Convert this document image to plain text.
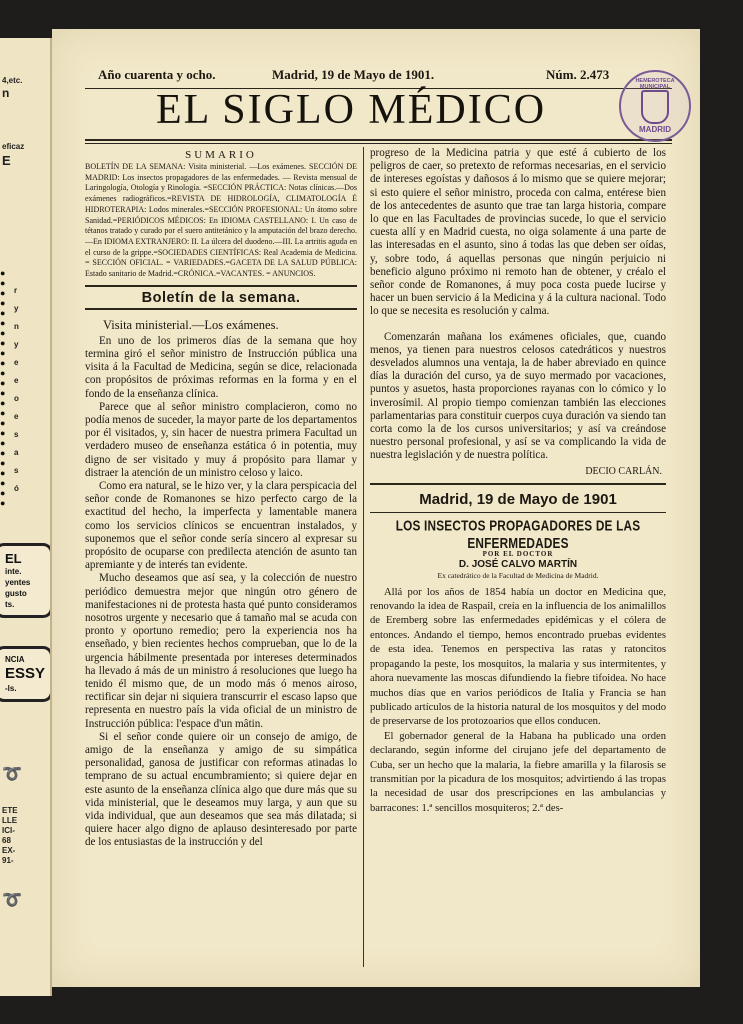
4,etc.
n
eficaz
E
●
●
●
●
●
●
●
●
●
●
●
●
●
●
●
●
●
●
●
●
●
●
●
●
r
y
n
y
e
e
o
e
s
a
s
ó
EL
inte.
yentes
gusto
ts.
NCIA
ESSY
-ls.
➰
ETE
LLE
ICI-
68
EX-
91-
➰
Año cuarenta y ocho.	Madrid, 19 de Mayo de 1901.	Núm. 2.473
EL SIGLO MÉDICO
HEMEROTECA MUNICIPAL
MADRID
SUMARIO
BOLETÍN DE LA SEMANA: Visita ministerial. —Los exámenes. SECCIÓN DE MADRID: Los insectos propagadores de las enfermedades. — Revista mensual de Laringología, Otología y Rinología. =SECCIÓN PRÁCTICA: Notas clínicas.—Dos exámenes radiográficos.=REVISTA DE HIDROLOGÍA, CLIMATOLOGÍA É HIDROTERAPIA: Lodos minerales.=SECCIÓN PROFESIONAL: Un átomo sobre Sanidad.=PERIÓDICOS MÉDICOS: En IDIOMA CASTELLANO: I. Un caso de tétanos tratado y curado por el suero antitetánico y la amputación del brazo derecho.—En IDIOMA EXTRANJERO: II. La úlcera del duodeno.—III. La artritis aguda en el curso de la grippe.=SOCIEDADES CIENTÍFICAS: Real Academia de Medicina. = SECCIÓN OFICIAL. = VARIEDADES.=GACETA DE LA SALUD PÚBLICA: Estado sanitario de Madrid.=CRÓNICA.=VACANTES. = ANUNCIOS.
Boletín de la semana.
Visita ministerial.—Los exámenes.

En uno de los primeros días de la semana que hoy termina giró el señor ministro de Instrucción pública una visita á la Facultad de Medicina, según se dice, relacionada con propósitos de próximas reformas en la forma y en el fondo de la enseñanza clínica.

Parece que al señor ministro complacieron, como no podía menos de suceder, la mayor parte de los departamentos por él visitados, y, sin hacer de nuestra primera Facultad un verdadero museo de enseñanza estática ó in potentia, muy digno de ser visitado y muy á propósito para llamar y distraer la atención de un ministro celoso y laico.

Como era natural, se le hizo ver, y la clara perspicacia del señor conde de Romanones se hizo perfecto cargo de la exactitud del hecho, la imperfecta y lamentable manera como los servicios clínicos se encuentran instalados, y suponemos que el señor conde sería sincero al expresar su propósito de ocuparse con predilecta atención de asunto tan apremiante y de interés tan evidente.

Mucho deseamos que así sea, y la colección de nuestro periódico demuestra mejor que ningún otro género de manifestaciones ni de protesta hasta qué punto consideramos nosotros urgente y necesario que á tamaño mal se acuda con pronto y oportuno remedio; pero la experiencia nos ha enseñado, y bien recientes hechos comprueban, que lo de la urgencia hábilmente presentada por intereses determinados ha llevado á más de un ministro á resoluciones que luego ha tenido él mismo que, de un modo más ó menos airoso, rectificar sin dejar ni siquiera transcurrir el escaso lapso que representa en nuestro país la vida oficial de un ministro de Instrucción pública: l'espace d'un mâtin.

Si el señor conde quiere oir un consejo de amigo, de amigo de la enseñanza y amigo de su simpática personalidad, ganosa de justificar con reformas atinadas lo temprano de su actual encumbramiento; si quiere dejar en este asunto de la enseñanza clínica algo que dure más que su vida ministerial, que le deseamos muy larga, y aun que su vida individual, que aun deseamos que sea más dilatada; si quiere hacer algo digno de aplauso desinteresado por parte de los entusiastas de la instrucción y del

progreso de la Medicina patria y que esté á cubierto de los peligros de caer, so pretexto de reformas necesarias, en el servicio de intereses egoístas y dañosos á lo mismo que se quiere mejorar; si esto quiere el señor ministro, proceda con calma, entérese bien de los antecedentes de asunto que trae tan larga historia, compare lo que en las Facultades de provincias sucede, lo que el servicio cuesta allí y en Madrid cuesta, no oiga solamente á una parte de las interesadas en el asunto, sino á todas las que deben ser oídas, y, sobre todo, á aquellas personas que ningún perjuicio ni beneficio alguno próximo ni remoto han de obtener, y créalo el señor conde de Romanones, á muy poca costa puede lucirse y hacer un buen servicio á la Medicina y á la cultura nacional. Todo lo que se necesita es resolución y calma.

Comenzarán mañana los exámenes oficiales, que, cuando menos, ya tienen para nuestros celosos catedráticos y nuestros desvelados alumnos una ventaja, la de haber abreviado en quince días la duración del curso, ya de suyo mermado por vacaciones, puntos y asuetos, hasta proporciones rayanas con lo cómico y lo inverosímil. Al propio tiempo comienzan también las elecciones parlamentarias para constituir cuerpos cuya duración va siendo tan corta como la de los cursos universitarios; y así va creándose nuestro personal profesional, y así se va complicando la vida de nuestra legislación y de nuestra política.

DECIO CARLÁN.
Madrid, 19 de Mayo de 1901
LOS INSECTOS PROPAGADORES DE LAS ENFERMEDADES
POR EL DOCTOR
D. JOSÉ CALVO MARTÍN
Ex catedrático de la Facultad de Medicina de Madrid.

Allá por los años de 1854 había un doctor en Medicina que, renovando la idea de Raspail, creía en la influencia de los animalillos de Eremberg sobre las enfermedades epidémicas y el cólera de entonces. Andando el tiempo, hemos encontrado pruebas evidentes de esta idea. Tenemos en perspectiva las ratas y ratoncitos propagando la peste, los mosquitos, la malaria y sus intermitentes, y ahora nuevamente las moscas difundiendo la fiebre tifoidea. No hace muchos días que en varios periódicos de Italia y Francia se han publicado artículos de la historia natural de los mosquitos y del modo de preservarse de los protozoarios que ellos conducen.

El gobernador general de la Habana ha publicado una orden declarando, según informe del cirujano jefe del departamento de Cuba, ser un hecho que la malaria, la fiebre amarilla y la filarosis se transmitían por la picadura de los mosquitos; advirtiendo á las tropas la necesidad de usar dos prescripciones en las ambulancias y barracones: 1.ª sencillos mosquiteros; 2.ª des-
